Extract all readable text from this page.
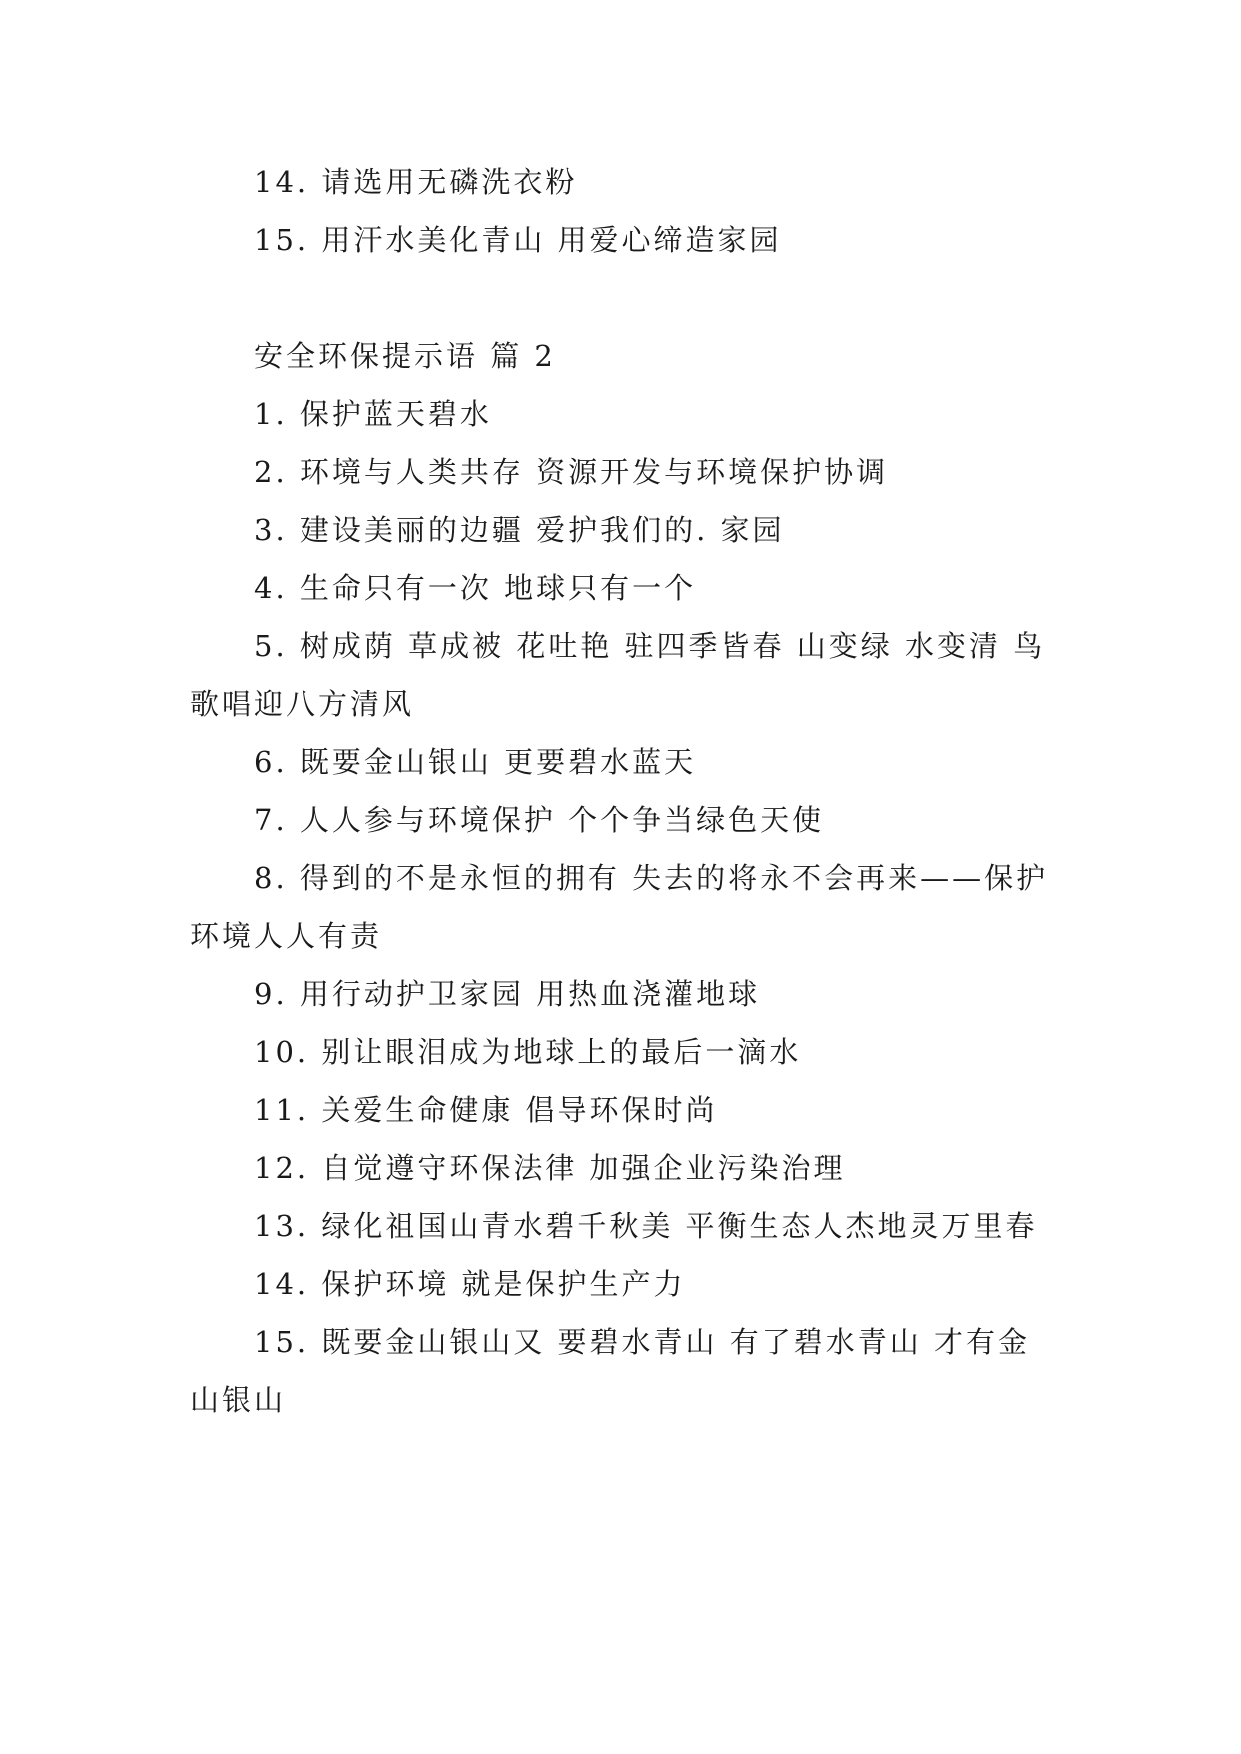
14. 请选用无磷洗衣粉

15. 用汗水美化青山 用爱心缔造家园

安全环保提示语 篇 2

1. 保护蓝天碧水

2. 环境与人类共存 资源开发与环境保护协调

3. 建设美丽的边疆 爱护我们的. 家园

4. 生命只有一次 地球只有一个

5. 树成荫 草成被 花吐艳 驻四季皆春 山变绿 水变清 鸟歌唱迎八方清风

6. 既要金山银山 更要碧水蓝天

7. 人人参与环境保护 个个争当绿色天使

8. 得到的不是永恒的拥有 失去的将永不会再来——保护环境人人有责

9. 用行动护卫家园 用热血浇灌地球

10. 别让眼泪成为地球上的最后一滴水

11. 关爱生命健康 倡导环保时尚

12. 自觉遵守环保法律 加强企业污染治理

13. 绿化祖国山青水碧千秋美 平衡生态人杰地灵万里春

14. 保护环境 就是保护生产力

15. 既要金山银山又 要碧水青山 有了碧水青山 才有金山银山
